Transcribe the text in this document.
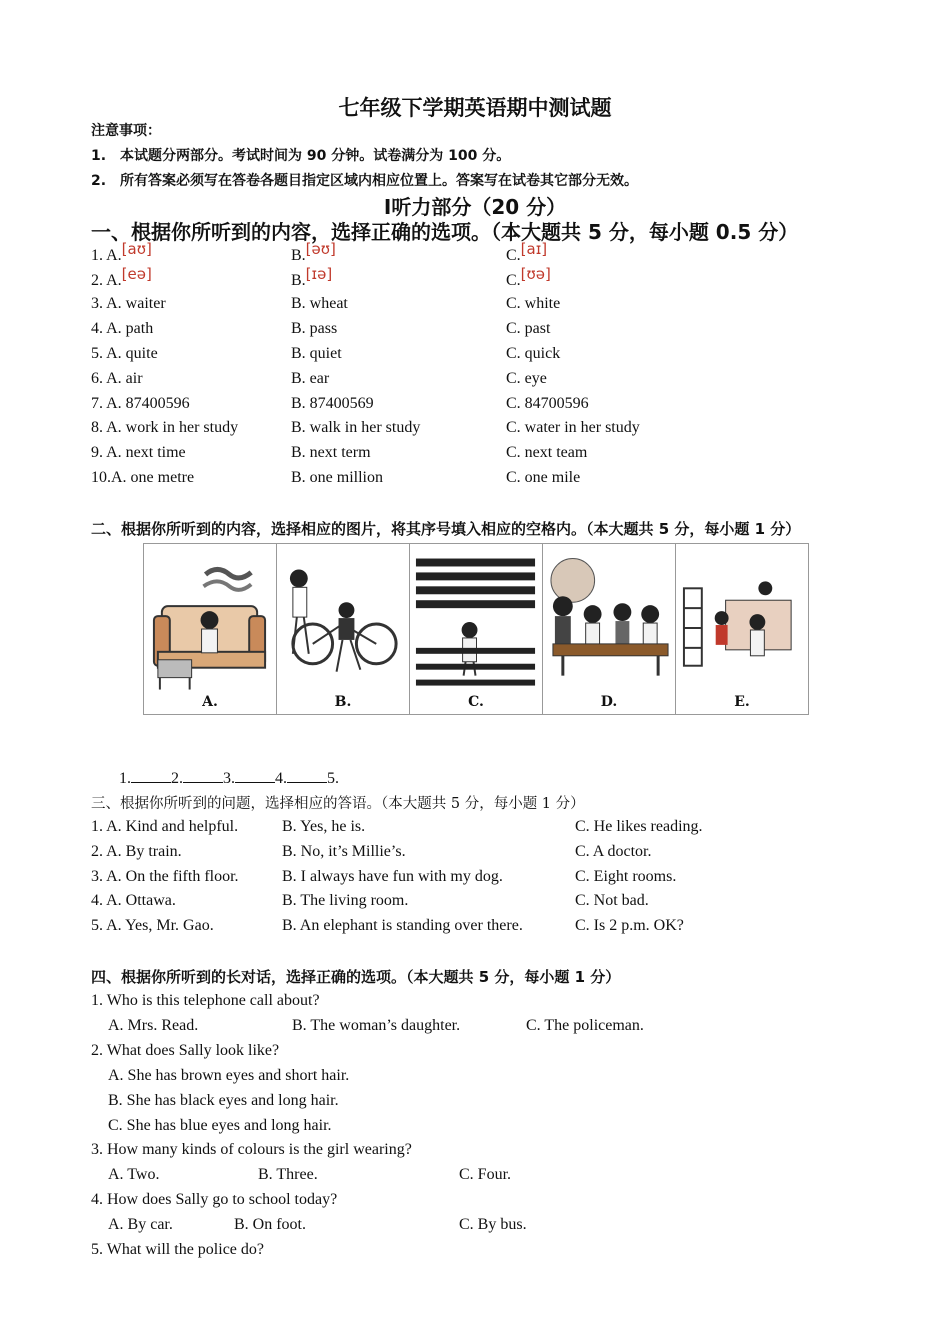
七年级下学期英语期中测试题
注意事项：
1.　本试题分两部分。考试时间为 90 分钟。试卷满分为 100 分。
2.　所有答案必须写在答卷各题目指定区域内相应位置上。答案写在试卷其它部分无效。
Ⅰ听力部分（20 分）
一、根据你所听到的内容，选择正确的选项。（本大题共 5 分，每小题 0.5 分）
1. A.[aʊ]	B.[əʊ]	C.[aɪ]
2. A.[eə]	B.[ɪə]	C.[ʊə]
3. A. waiter	B. wheat	C. white
4. A. path	B. pass	C. past
5. A. quite	B. quiet	C. quick
6. A. air	B. ear	C. eye
7. A. 87400596	B. 87400569	C. 84700596
8. A. work in her study	B. walk in her study	C. water in her study
9. A. next time	B. next term	C. next team
10.A. one metre	B. one million	C. one mile
二、根据你所听到的内容，选择相应的图片，将其序号填入相应的空格内。（本大题共 5 分，每小题 1 分）
A.	B.	C.	D.	E.
1.	2.	3.	4.	5.
三、根据你所听到的问题，选择相应的答语。（本大题共 5 分，每小题 1 分）
1. A. Kind and helpful.	B. Yes, he is.	C. He likes reading.
2. A. By train.	B. No, it’s Millie’s.	C. A doctor.
3. A. On the fifth floor.	B. I always have fun with my dog.	C. Eight rooms.
4. A. Ottawa.	B. The living room.	C. Not bad.
5. A. Yes, Mr. Gao.	B. An elephant is standing over there.	C. Is 2 p.m. OK?
四、根据你所听到的长对话，选择正确的选项。（本大题共 5 分，每小题 1 分）
1. Who is this telephone call about?
A. Mrs. Read.	B. The woman’s daughter.	C. The policeman.
2. What does Sally look like?
A. She has brown eyes and short hair.
B. She has black eyes and long hair.
C. She has blue eyes and long hair.
3. How many kinds of colours is the girl wearing?
A. Two.	B. Three.	C. Four.
4. How does Sally go to school today?
A. By car.	B. On foot.	C. By bus.
5. What will the police do?
